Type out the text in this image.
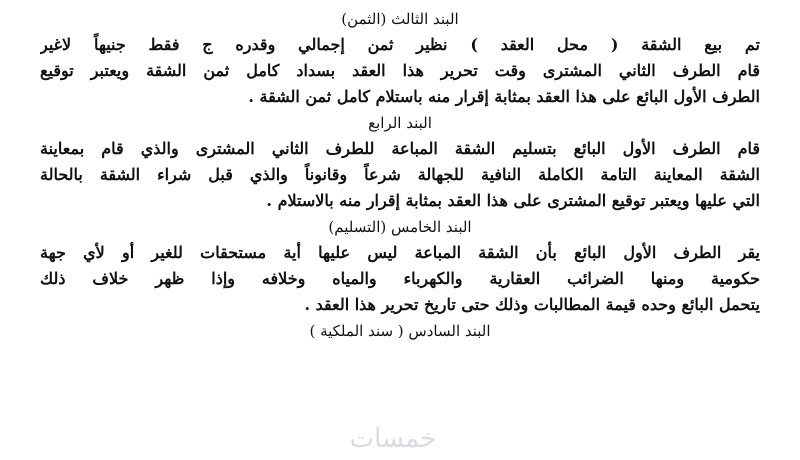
البند الثالث (الثمن)
تم بيع الشقة ( محل العقد ) نظير ثمن إجمالي وقدره ج فقط جنيهاً لاغير
قام الطرف الثاني المشترى وقت تحرير هذا العقد بسداد كامل ثمن الشقة ويعتبر توقيع
الطرف الأول البائع على هذا العقد بمثابة إقرار منه باستلام كامل ثمن الشقة .
البند الرابع
قام الطرف الأول البائع بتسليم الشقة المباعة للطرف الثاني المشترى والذي قام بمعاينة
الشقة المعاينة التامة الكاملة النافية للجهالة شرعاً وقانوناً والذي قبل شراء الشقة بالحالة
التي عليها ويعتبر توقيع المشترى على هذا العقد بمثابة إقرار منه بالاستلام .
البند الخامس (التسليم)
يقر الطرف الأول البائع بأن الشقة المباعة ليس عليها أية مستحقات للغير أو لأي جهة
حكومية ومنها الضرائب العقارية والكهرباء والمياه وخلافه وإذا ظهر خلاف ذلك
يتحمل البائع وحده قيمة المطالبات وذلك حتى تاريخ تحرير هذا العقد .
البند السادس ( سند الملكية )
خمسات
